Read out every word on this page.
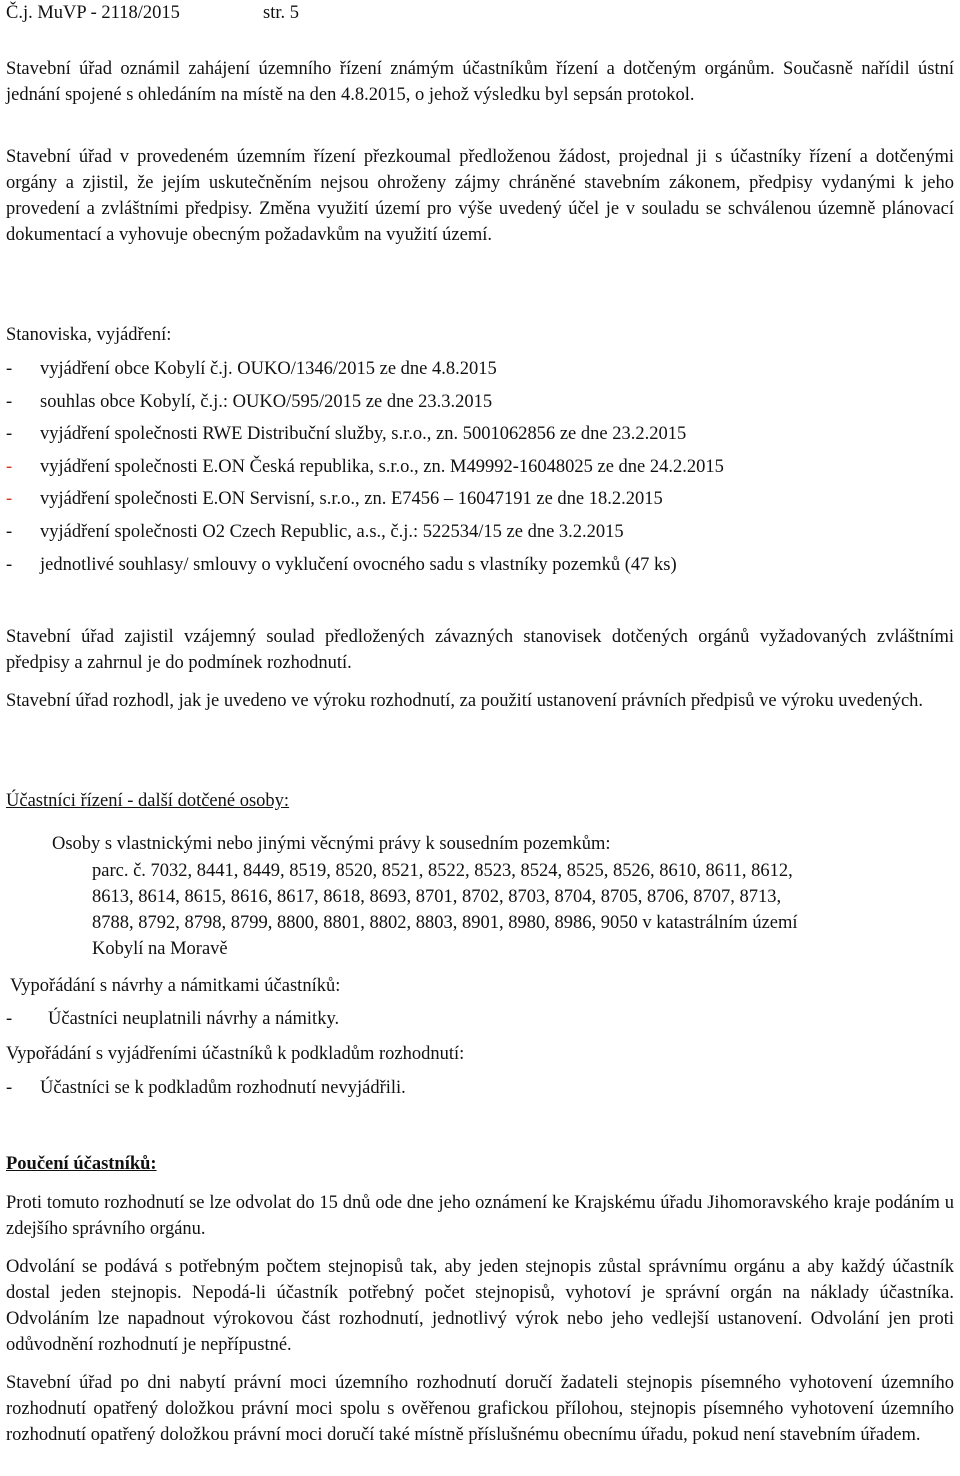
Č.j. MuVP - 2118/2015	str. 5
Stavební úřad oznámil zahájení územního řízení známým účastníkům řízení a dotčeným orgánům. Současně nařídil ústní jednání spojené s ohledáním na místě na den 4.8.2015, o jehož výsledku byl sepsán protokol.
Stavební úřad v provedeném územním řízení přezkoumal předloženou žádost, projednal ji s účastníky řízení a dotčenými orgány a zjistil, že jejím uskutečněním nejsou ohroženy zájmy chráněné stavebním zákonem, předpisy vydanými k jeho provedení a zvláštními předpisy. Změna využití území pro výše uvedený účel je v souladu se schválenou územně plánovací dokumentací a vyhovuje obecným požadavkům na využití území.
Stanoviska, vyjádření:
- vyjádření obce Kobylí č.j. OUKO/1346/2015 ze dne 4.8.2015
- souhlas obce Kobylí, č.j.: OUKO/595/2015 ze dne 23.3.2015
- vyjádření společnosti RWE Distribuční služby, s.r.o., zn. 5001062856 ze dne 23.2.2015
- vyjádření společnosti E.ON Česká republika, s.r.o., zn. M49992-16048025 ze dne 24.2.2015
- vyjádření společnosti E.ON Servisní, s.r.o., zn. E7456 – 16047191 ze dne 18.2.2015
- vyjádření společnosti O2 Czech Republic, a.s., č.j.: 522534/15 ze dne 3.2.2015
- jednotlivé souhlasy/ smlouvy o vyklučení ovocného sadu s vlastníky pozemků (47 ks)
Stavební úřad zajistil vzájemný soulad předložených závazných stanovisek dotčených orgánů vyžadovaných zvláštními předpisy a zahrnul je do podmínek rozhodnutí.
Stavební úřad rozhodl, jak je uvedeno ve výroku rozhodnutí, za použití ustanovení právních předpisů ve výroku uvedených.
Účastníci řízení - další dotčené osoby:
Osoby s vlastnickými nebo jinými věcnými právy k sousedním pozemkům:
parc. č. 7032, 8441, 8449, 8519, 8520, 8521, 8522, 8523, 8524, 8525, 8526, 8610, 8611, 8612,
8613, 8614, 8615, 8616, 8617, 8618, 8693, 8701, 8702, 8703, 8704, 8705, 8706, 8707, 8713,
8788, 8792, 8798, 8799, 8800, 8801, 8802, 8803, 8901, 8980, 8986, 9050 v katastrálním území
Kobylí na Moravě
Vypořádání s návrhy a námitkami účastníků:
- Účastníci neuplatnili návrhy a námitky.
Vypořádání s vyjádřeními účastníků k podkladům rozhodnutí:
- Účastníci se k podkladům rozhodnutí nevyjádřili.
Poučení účastníků:
Proti tomuto rozhodnutí se lze odvolat do 15 dnů ode dne jeho oznámení ke Krajskému úřadu Jihomoravského kraje podáním u zdejšího správního orgánu.
Odvolání se podává s potřebným počtem stejnopisů tak, aby jeden stejnopis zůstal správnímu orgánu a aby každý účastník dostal jeden stejnopis. Nepodá-li účastník potřebný počet stejnopisů, vyhotoví je správní orgán na náklady účastníka. Odvoláním lze napadnout výrokovou část rozhodnutí, jednotlivý výrok nebo jeho vedlejší ustanovení. Odvolání jen proti odůvodnění rozhodnutí je nepřípustné.
Stavební úřad po dni nabytí právní moci územního rozhodnutí doručí žadateli stejnopis písemného vyhotovení územního rozhodnutí opatřený doložkou právní moci spolu s ověřenou grafickou přílohou, stejnopis písemného vyhotovení územního rozhodnutí opatřený doložkou právní moci doručí také místně příslušnému obecnímu úřadu, pokud není stavebním úřadem.
